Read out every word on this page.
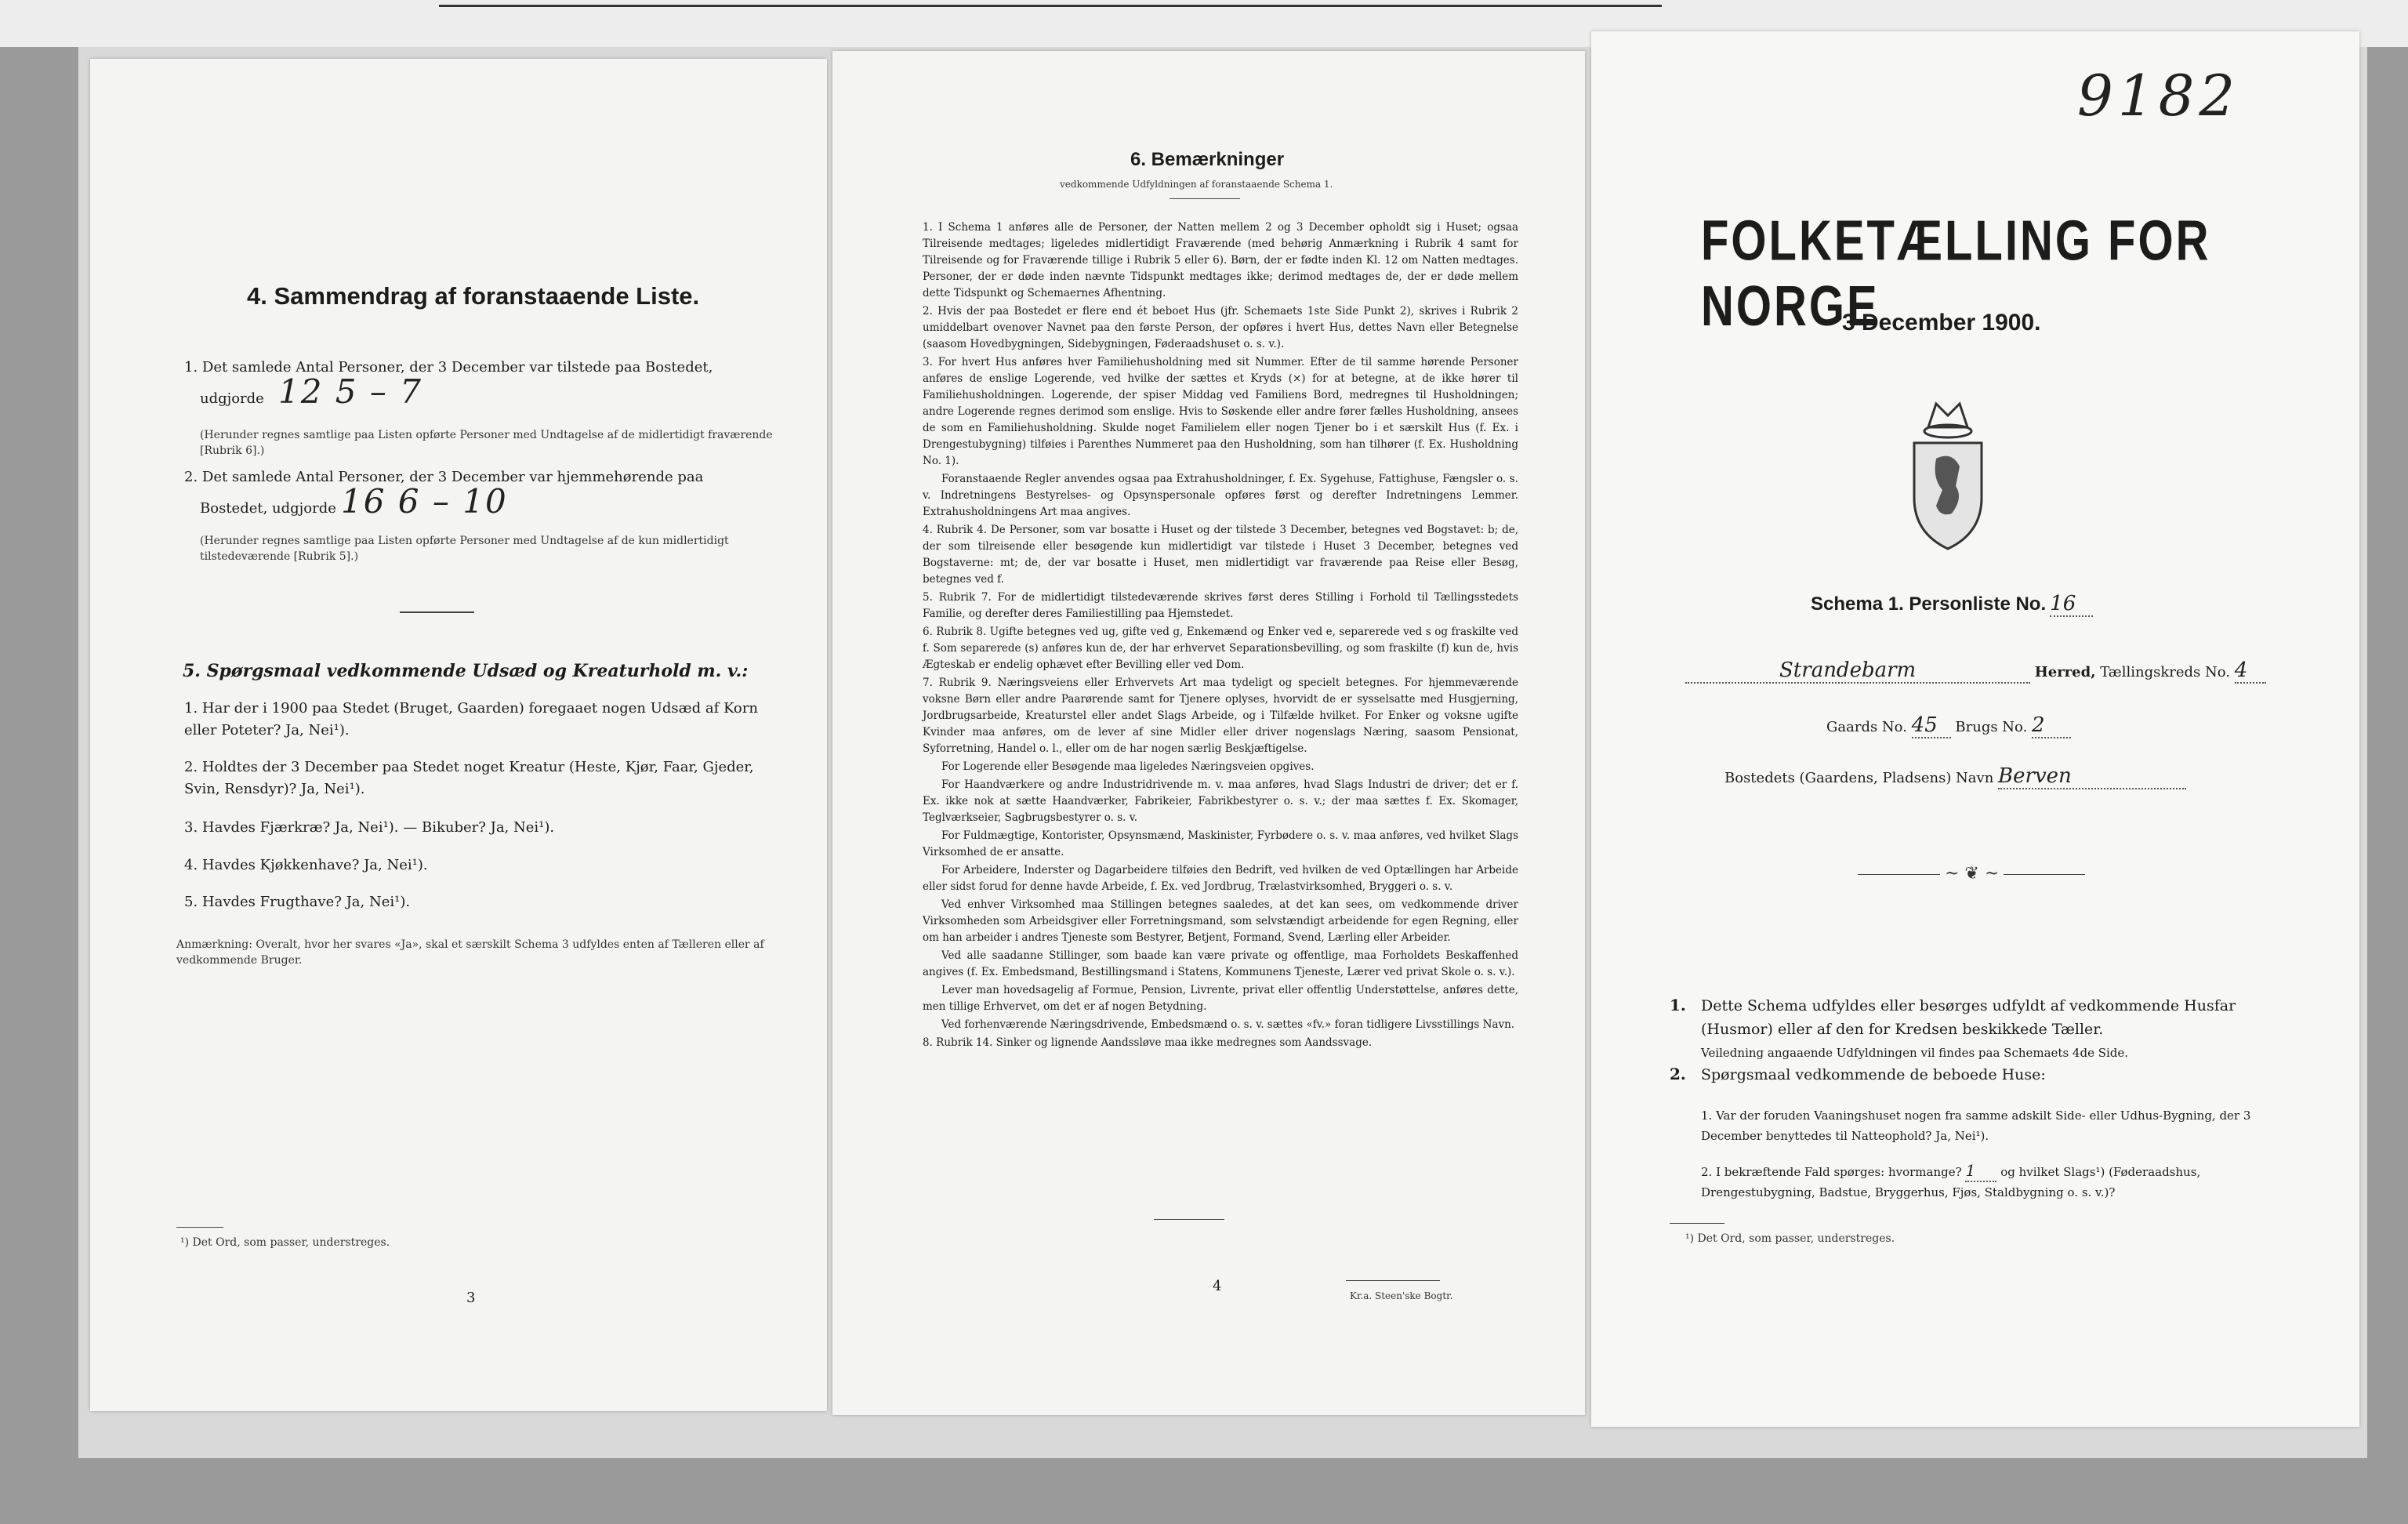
4. Sammendrag af foranstaaende Liste.
1. Det samlede Antal Personer, der 3 December var tilstede paa Bostedet,
udgjorde 12 5 – 7
(Herunder regnes samtlige paa Listen opførte Personer med Undtagelse af de midlertidigt fraværende [Rubrik 6].)
2. Det samlede Antal Personer, der 3 December var hjemmehørende paa
Bostedet, udgjorde 16 6 – 10
(Herunder regnes samtlige paa Listen opførte Personer med Undtagelse af de kun midlertidigt tilstedeværende [Rubrik 5].)
5. Spørgsmaal vedkommende Udsæd og Kreaturhold m. v.:
1. Har der i 1900 paa Stedet (Bruget, Gaarden) foregaaet nogen Udsæd af Korn eller Poteter? Ja, Nei¹).
2. Holdtes der 3 December paa Stedet noget Kreatur (Heste, Kjør, Faar, Gjeder, Svin, Rensdyr)? Ja, Nei¹).
3. Havdes Fjærkræ? Ja, Nei¹). — Bikuber? Ja, Nei¹).
4. Havdes Kjøkkenhave? Ja, Nei¹).
5. Havdes Frugthave? Ja, Nei¹).
Anmærkning: Overalt, hvor her svares «Ja», skal et særskilt Schema 3 udfyldes enten af Tælleren eller af vedkommende Bruger.
¹) Det Ord, som passer, understreges.
3
6. Bemærkninger
vedkommende Udfyldningen af foranstaaende Schema 1.

1. I Schema 1 anføres alle de Personer, der Natten mellem 2 og 3 December opholdt sig i Huset; ogsaa Tilreisende medtages; ligeledes midlertidigt Fraværende (med behørig Anmærkning i Rubrik 4 samt for Tilreisende og for Fraværende tillige i Rubrik 5 eller 6). Børn, der er fødte inden Kl. 12 om Natten medtages. Personer, der er døde inden nævnte Tidspunkt medtages ikke; derimod medtages de, der er døde mellem dette Tidspunkt og Schemaernes Afhentning.

2. Hvis der paa Bostedet er flere end ét beboet Hus (jfr. Schemaets 1ste Side Punkt 2), skrives i Rubrik 2 umiddelbart ovenover Navnet paa den første Person, der opføres i hvert Hus, dettes Navn eller Betegnelse (saasom Hovedbygningen, Sidebygningen, Føderaadshuset o. s. v.).

3. For hvert Hus anføres hver Familiehusholdning med sit Nummer. Efter de til samme hørende Personer anføres de enslige Logerende, ved hvilke der sættes et Kryds (×) for at betegne, at de ikke hører til Familiehusholdningen. Logerende, der spiser Middag ved Familiens Bord, medregnes til Husholdningen; andre Logerende regnes derimod som enslige. Hvis to Søskende eller andre fører fælles Husholdning, ansees de som en Familiehusholdning. Skulde noget Familielem eller nogen Tjener bo i et særskilt Hus (f. Ex. i Drengestubygning) tilføies i Parenthes Nummeret paa den Husholdning, som han tilhører (f. Ex. Husholdning No. 1).

Foranstaaende Regler anvendes ogsaa paa Extrahusholdninger, f. Ex. Sygehuse, Fattighuse, Fængsler o. s. v. Indretningens Bestyrelses- og Opsynspersonale opføres først og derefter Indretningens Lemmer. Extrahusholdningens Art maa angives.

4. Rubrik 4. De Personer, som var bosatte i Huset og der tilstede 3 December, betegnes ved Bogstavet: b; de, der som tilreisende eller besøgende kun midlertidigt var tilstede i Huset 3 December, betegnes ved Bogstaverne: mt; de, der var bosatte i Huset, men midlertidigt var fraværende paa Reise eller Besøg, betegnes ved f.

5. Rubrik 7. For de midlertidigt tilstedeværende skrives først deres Stilling i Forhold til Tællingsstedets Familie, og derefter deres Familiestilling paa Hjemstedet.

6. Rubrik 8. Ugifte betegnes ved ug, gifte ved g, Enkemænd og Enker ved e, separerede ved s og fraskilte ved f. Som separerede (s) anføres kun de, der har erhvervet Separationsbevilling, og som fraskilte (f) kun de, hvis Ægteskab er endelig ophævet efter Bevilling eller ved Dom.

7. Rubrik 9. Næringsveiens eller Erhvervets Art maa tydeligt og specielt betegnes. For hjemmeværende voksne Børn eller andre Paarørende samt for Tjenere oplyses, hvorvidt de er sysselsatte med Husgjerning, Jordbrugsarbeide, Kreaturstel eller andet Slags Arbeide, og i Tilfælde hvilket. For Enker og voksne ugifte Kvinder maa anføres, om de lever af sine Midler eller driver nogenslags Næring, saasom Pensionat, Syforretning, Handel o. l., eller om de har nogen særlig Beskjæftigelse.

For Logerende eller Besøgende maa ligeledes Næringsveien opgives.

For Haandværkere og andre Industridrivende m. v. maa anføres, hvad Slags Industri de driver; det er f. Ex. ikke nok at sætte Haandværker, Fabrikeier, Fabrikbestyrer o. s. v.; der maa sættes f. Ex. Skomager, Teglværkseier, Sagbrugsbestyrer o. s. v.

For Fuldmægtige, Kontorister, Opsynsmænd, Maskinister, Fyrbødere o. s. v. maa anføres, ved hvilket Slags Virksomhed de er ansatte.

For Arbeidere, Inderster og Dagarbeidere tilføies den Bedrift, ved hvilken de ved Optællingen har Arbeide eller sidst forud for denne havde Arbeide, f. Ex. ved Jordbrug, Trælastvirksomhed, Bryggeri o. s. v.

Ved enhver Virksomhed maa Stillingen betegnes saaledes, at det kan sees, om vedkommende driver Virksomheden som Arbeidsgiver eller Forretningsmand, som selvstændigt arbeidende for egen Regning, eller om han arbeider i andres Tjeneste som Bestyrer, Betjent, Formand, Svend, Lærling eller Arbeider.

Ved alle saadanne Stillinger, som baade kan være private og offentlige, maa Forholdets Beskaffenhed angives (f. Ex. Embedsmand, Bestillingsmand i Statens, Kommunens Tjeneste, Lærer ved privat Skole o. s. v.).

Lever man hovedsagelig af Formue, Pension, Livrente, privat eller offentlig Understøttelse, anføres dette, men tillige Erhvervet, om det er af nogen Betydning.

Ved forhenværende Næringsdrivende, Embedsmænd o. s. v. sættes «fv.» foran tidligere Livsstillings Navn.

8. Rubrik 14. Sinker og lignende Aandssløve maa ikke medregnes som Aandssvage.

4
Kr.a. Steen'ske Bogtr.
9182
FOLKETÆLLING FOR NORGE
3 December 1900.
Schema 1. Personliste No. 16
Strandebarm	Herred, Tællingskreds No. 4
Gaards No. 45 Brugs No. 2
Bostedets (Gaardens, Pladsens) Navn Berven
~ ❦ ~
1. Dette Schema udfyldes eller besørges udfyldt af vedkommende Husfar (Husmor) eller af den for Kredsen beskikkede Tæller.
Veiledning angaaende Udfyldningen vil findes paa Schemaets 4de Side.
2. Spørgsmaal vedkommende de beboede Huse:
1. Var der foruden Vaaningshuset nogen fra samme adskilt Side- eller Udhus-Bygning, der 3 December benyttedes til Natteophold? Ja, Nei¹).
2. I bekræftende Fald spørges: hvormange? 1 og hvilket Slags¹) (Føderaadshus, Drengestubygning, Badstue, Bryggerhus, Fjøs, Staldbygning o. s. v.)?
¹) Det Ord, som passer, understreges.
